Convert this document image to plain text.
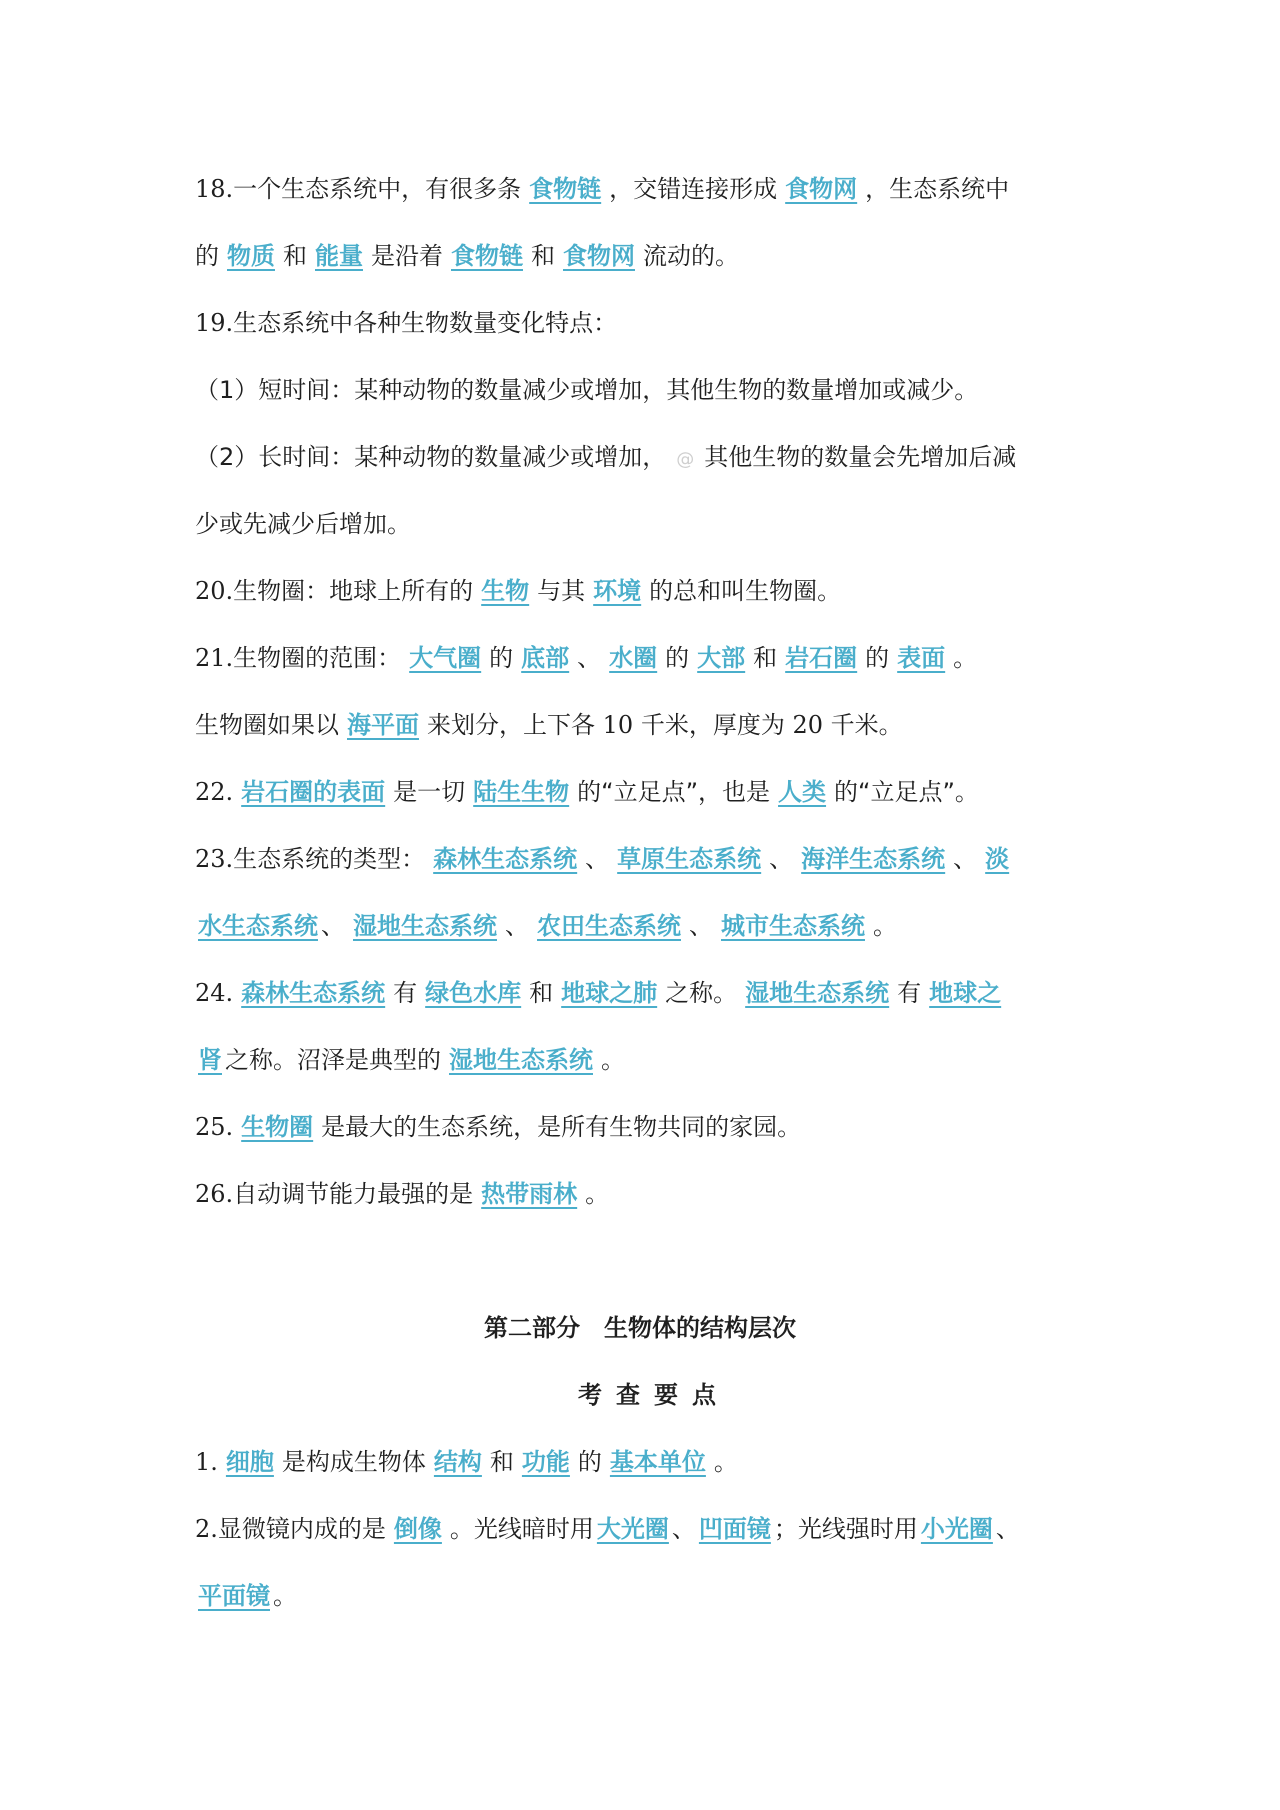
18.一个生态系统中，有很多条 食物链 ，交错连接形成 食物网 ，生态系统中
的 物质 和 能量 是沿着 食物链 和 食物网 流动的。
19.生态系统中各种生物数量变化特点：
（1）短时间：某种动物的数量减少或增加，其他生物的数量增加或减少。
（2）长时间：某种动物的数量减少或增加， @ 其他生物的数量会先增加后减
少或先减少后增加。
20.生物圈：地球上所有的 生物 与其 环境 的总和叫生物圈。
21.生物圈的范围： 大气圈 的 底部 、 水圈 的 大部 和 岩石圈 的 表面 。
生物圈如果以 海平面 来划分，上下各 10 千米，厚度为 20 千米。
22. 岩石圈的表面 是一切 陆生生物 的“立足点”，也是 人类 的“立足点”。
23.生态系统的类型： 森林生态系统 、 草原生态系统 、 海洋生态系统 、 淡
水生态系统 、 湿地生态系统 、 农田生态系统 、 城市生态系统 。
24. 森林生态系统 有 绿色水库 和 地球之肺 之称。 湿地生态系统 有 地球之
肾 之称。沼泽是典型的 湿地生态系统 。
25. 生物圈 是最大的生态系统，是所有生物共同的家园。
26.自动调节能力最强的是 热带雨林 。
第二部分　生物体的结构层次
考查要点
1. 细胞 是构成生物体 结构 和 功能 的 基本单位 。
2.显微镜内成的是 倒像 。光线暗时用 大光圈 、 凹面镜 ；光线强时用 小光圈 、
平面镜 。
